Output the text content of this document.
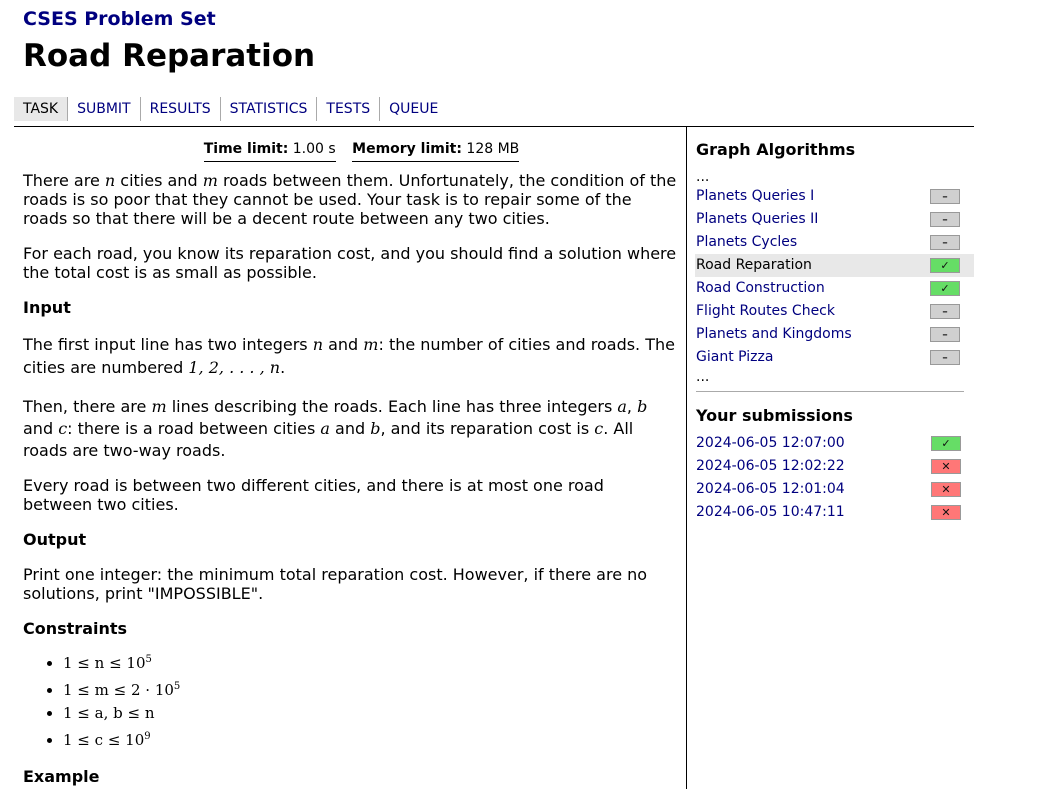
CSES Problem Set
Road Reparation
TASK	SUBMIT	RESULTS	STATISTICS	TESTS	QUEUE
Time limit: 1.00 s Memory limit: 128 MB

There are n cities and m roads between them. Unfortunately, the condition of the roads is so poor that they cannot be used. Your task is to repair some of the roads so that there will be a decent route between any two cities.

For each road, you know its reparation cost, and you should find a solution where the total cost is as small as possible.

Input

The first input line has two integers n and m: the number of cities and roads. The cities are numbered 1, 2, . . . , n.

Then, there are m lines describing the roads. Each line has three integers a, b and c: there is a road between cities a and b, and its reparation cost is c. All roads are two-way roads.

Every road is between two different cities, and there is at most one road between two cities.

Output

Print one integer: the minimum total reparation cost. However, if there are no solutions, print "IMPOSSIBLE".

Constraints

• $1 \le n \le 10^5$
• $1 \le m \le 2 \cdot 10^5$
• 1 ≤ a, b ≤ n
• $1 \le c \le 10^9$

Example

Graph Algorithms
...
Planets Queries I	–
Planets Queries II	–
Planets Cycles	–
Road Reparation	✓
Road Construction	✓
Flight Routes Check	–
Planets and Kingdoms	–
Giant Pizza	–
...
Your submissions
2024-06-05 12:07:00	✓
2024-06-05 12:02:22	✕
2024-06-05 12:01:04	✕
2024-06-05 10:47:11	✕
